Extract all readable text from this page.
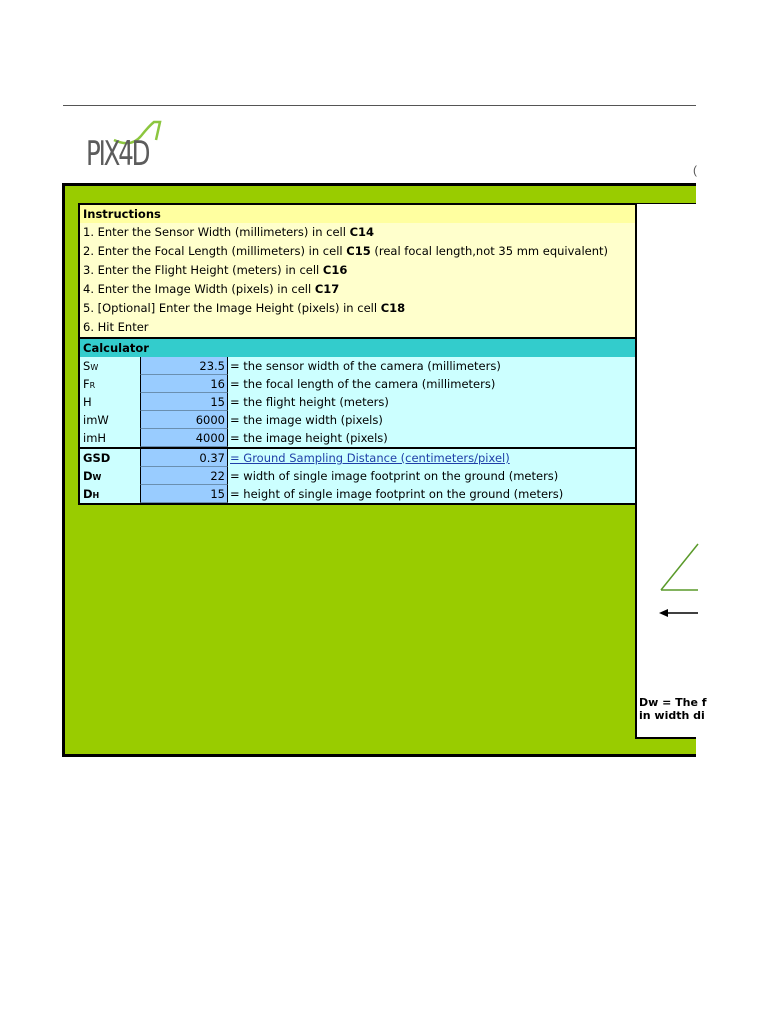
PIX4D	(
Instructions
1. Enter the Sensor Width (millimeters) in cell C14
2. Enter the Focal Length (millimeters) in cell C15 (real focal length,not 35 mm equivalent)
3. Enter the Flight Height (meters) in cell C16
4. Enter the Image Width (pixels) in cell C17
5. [Optional] Enter the Image Height (pixels) in cell C18
6. Hit Enter
Calculator
SW	23.5 = the sensor width of the camera (millimeters)
FR	16 = the focal length of the camera (millimeters)
H	15 = the flight height (meters)
imW	6000 = the image width (pixels)
imH	4000 = the image height (pixels)
GSD	0.37 = Ground Sampling Distance (centimeters/pixel)
DW	22 = width of single image footprint on the ground (meters)
DH	15 = height of single image footprint on the ground (meters)
Dw = The f
in width di
